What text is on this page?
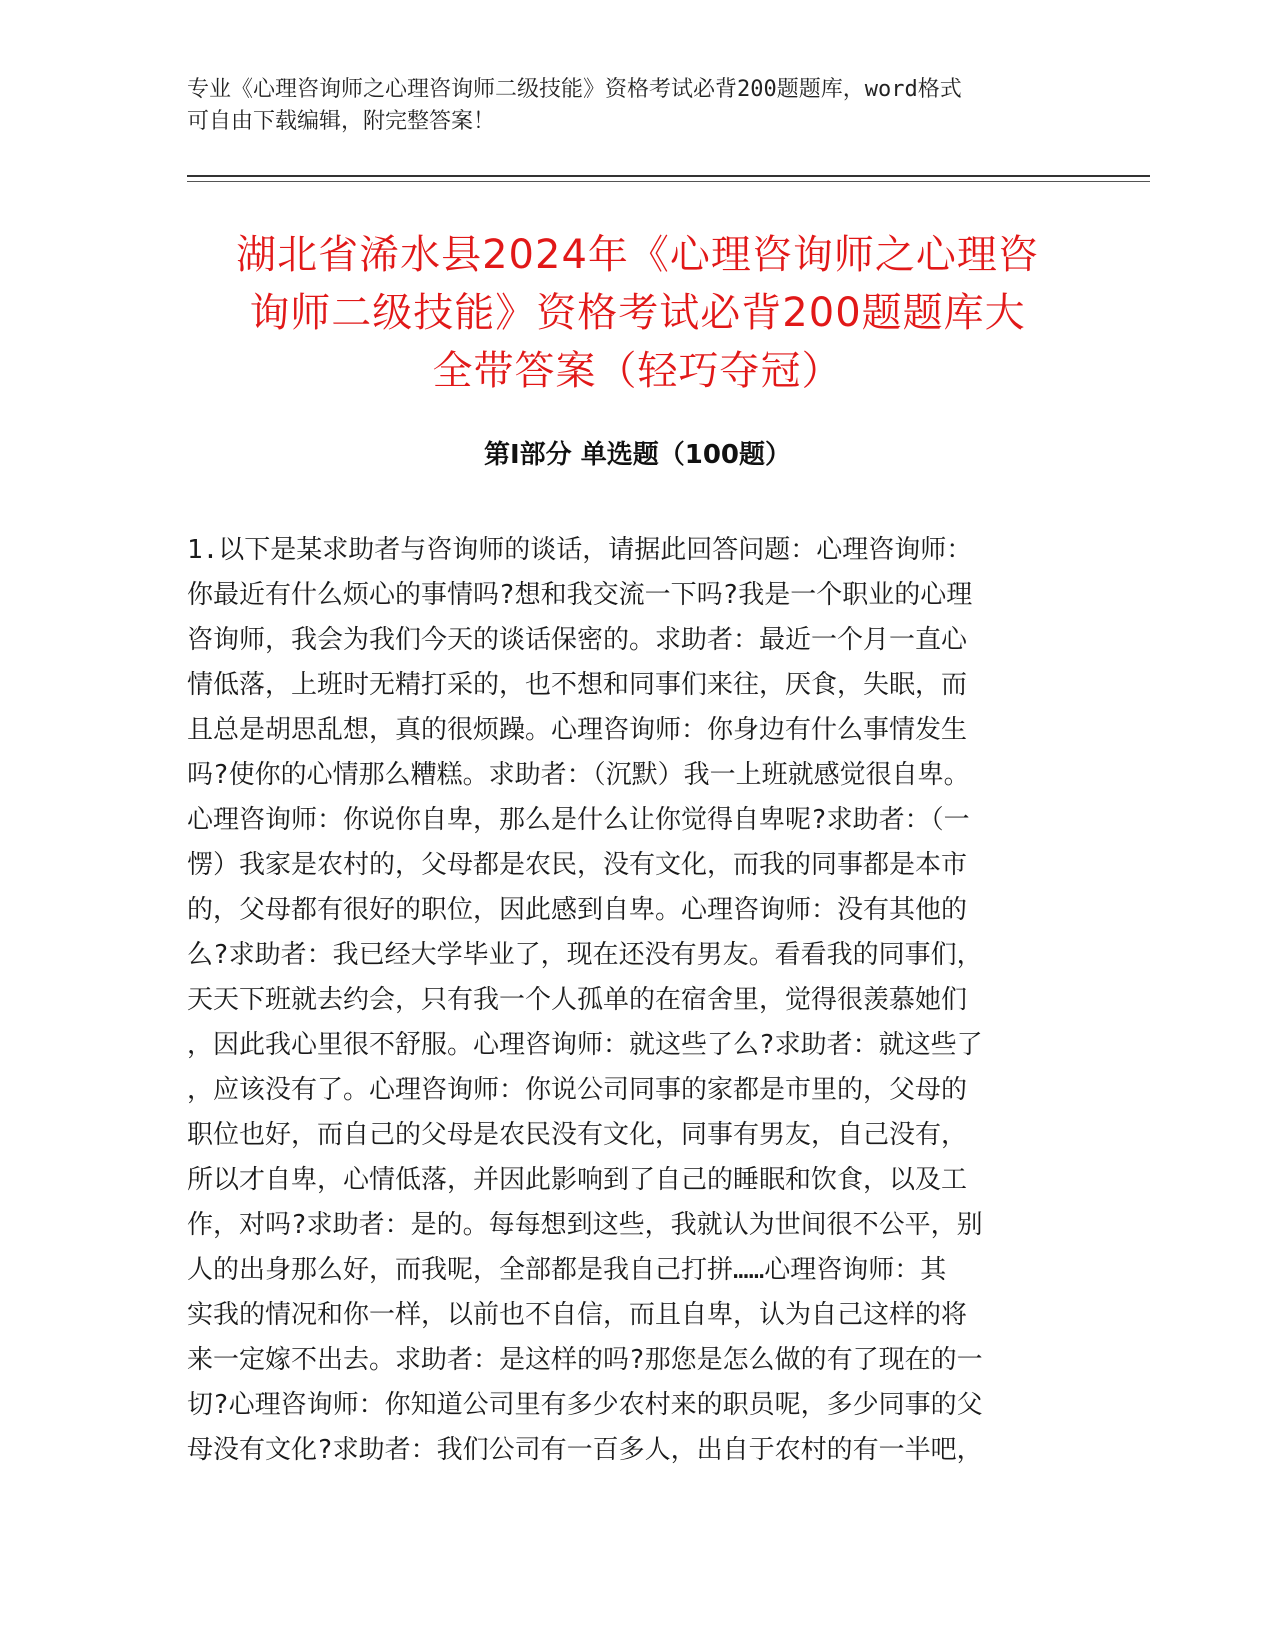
专业《心理咨询师之心理咨询师二级技能》资格考试必背200题题库，word格式
可自由下载编辑，附完整答案！
湖北省浠水县2024年《心理咨询师之心理咨
询师二级技能》资格考试必背200题题库大
全带答案（轻巧夺冠）
第Ⅰ部分 单选题（100题）
1.以下是某求助者与咨询师的谈话，请据此回答问题：心理咨询师：
你最近有什么烦心的事情吗?想和我交流一下吗?我是一个职业的心理
咨询师，我会为我们今天的谈话保密的。求助者：最近一个月一直心
情低落，上班时无精打采的，也不想和同事们来往，厌食，失眠，而
且总是胡思乱想，真的很烦躁。心理咨询师：你身边有什么事情发生
吗?使你的心情那么糟糕。求助者：（沉默）我一上班就感觉很自卑。
心理咨询师：你说你自卑，那么是什么让你觉得自卑呢?求助者：（一
愣）我家是农村的，父母都是农民，没有文化，而我的同事都是本市
的，父母都有很好的职位，因此感到自卑。心理咨询师：没有其他的
么?求助者：我已经大学毕业了，现在还没有男友。看看我的同事们，
天天下班就去约会，只有我一个人孤单的在宿舍里，觉得很羡慕她们
，因此我心里很不舒服。心理咨询师：就这些了么?求助者：就这些了
，应该没有了。心理咨询师：你说公司同事的家都是市里的，父母的
职位也好，而自己的父母是农民没有文化，同事有男友，自己没有，
所以才自卑，心情低落，并因此影响到了自己的睡眠和饮食，以及工
作，对吗?求助者：是的。每每想到这些，我就认为世间很不公平，别
人的出身那么好，而我呢，全部都是我自己打拼……心理咨询师：其
实我的情况和你一样，以前也不自信，而且自卑，认为自己这样的将
来一定嫁不出去。求助者：是这样的吗?那您是怎么做的有了现在的一
切?心理咨询师：你知道公司里有多少农村来的职员呢，多少同事的父
母没有文化?求助者：我们公司有一百多人，出自于农村的有一半吧，
